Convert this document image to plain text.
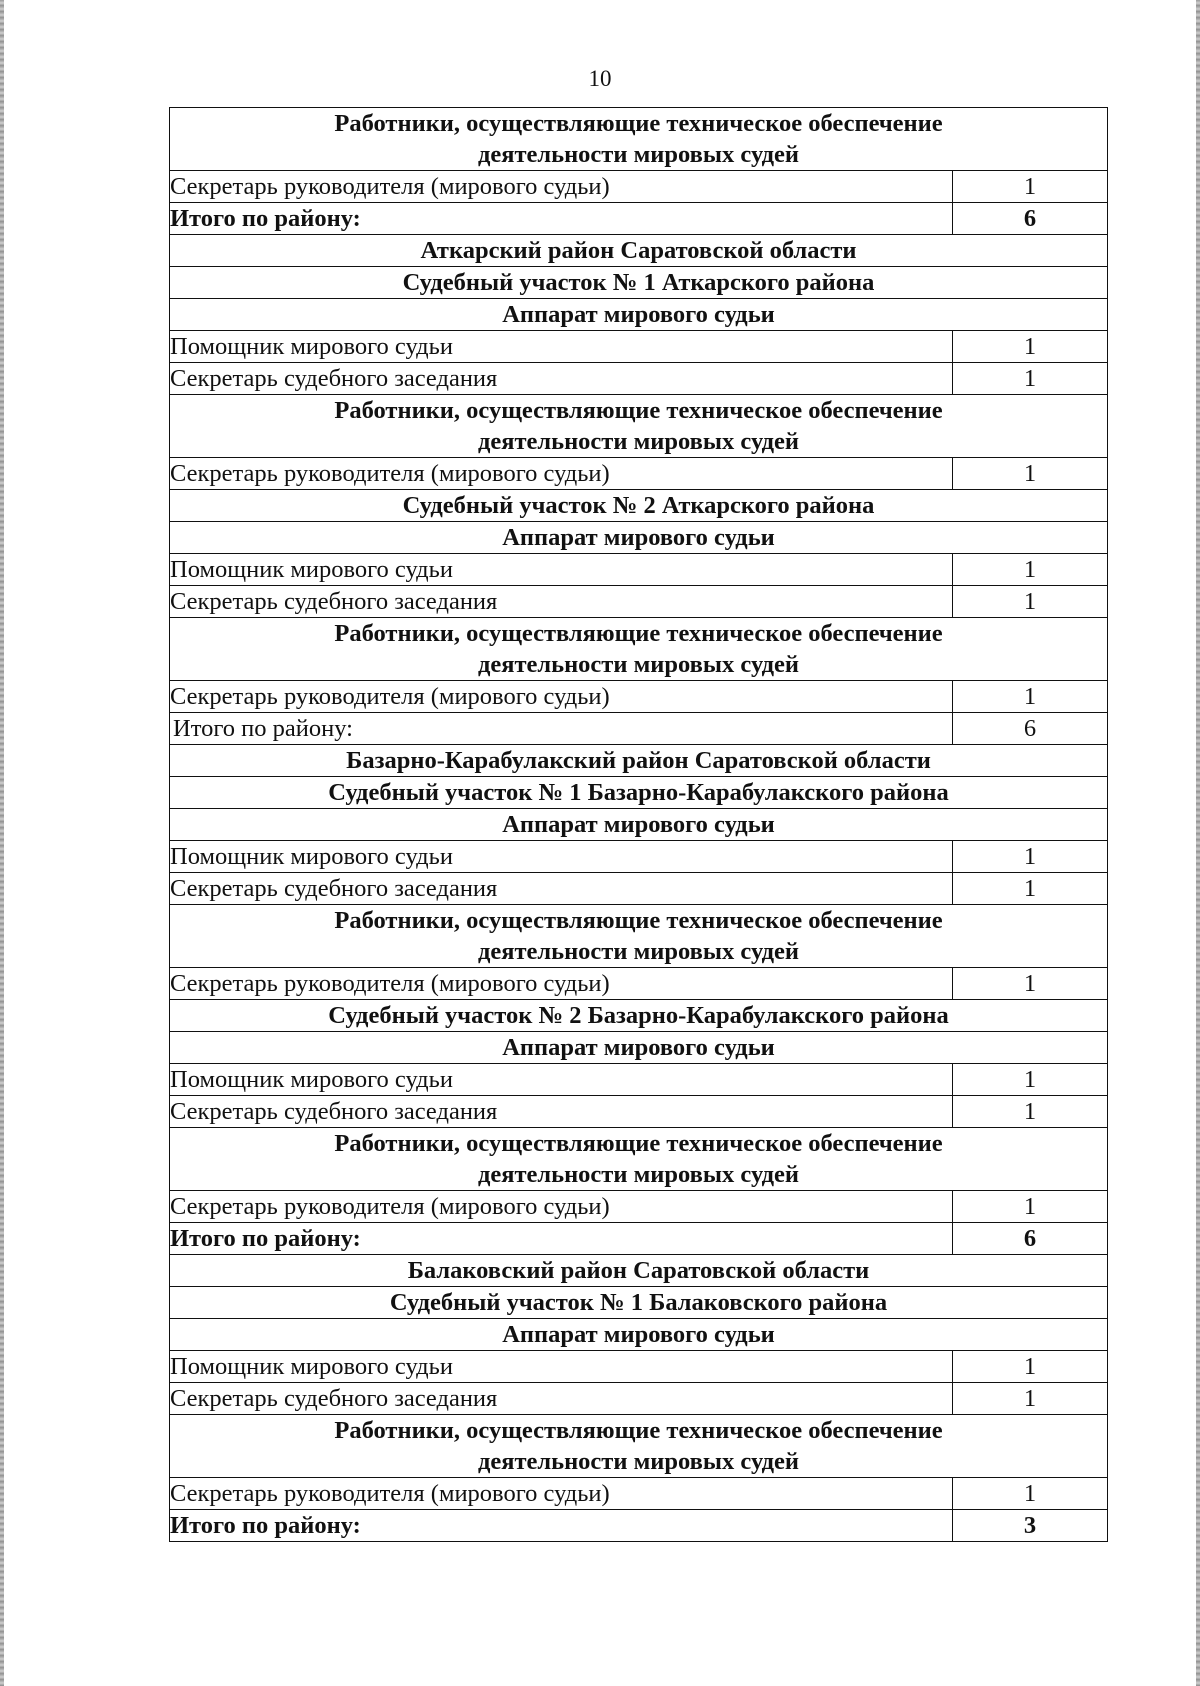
10
Работники, осуществляющие техническое обеспечение деятельности мировых судей	
Секретарь руководителя (мирового судьи)	1
Итого по району:	6
Аткарский район Саратовской области	
Судебный участок № 1 Аткарского района	
Аппарат мирового судьи	
Помощник мирового судьи	1
Секретарь судебного заседания	1
Работники, осуществляющие техническое обеспечение деятельности мировых судей	
Секретарь руководителя (мирового судьи)	1
Судебный участок № 2 Аткарского района	
Аппарат мирового судьи	
Помощник мирового судьи	1
Секретарь судебного заседания	1
Работники, осуществляющие техническое обеспечение деятельности мировых судей	
Секретарь руководителя (мирового судьи)	1
Итого по району:	6
Базарно-Карабулакский район Саратовской области	
Судебный участок № 1 Базарно-Карабулакского района	
Аппарат мирового судьи	
Помощник мирового судьи	1
Секретарь судебного заседания	1
Работники, осуществляющие техническое обеспечение деятельности мировых судей	
Секретарь руководителя (мирового судьи)	1
Судебный участок № 2 Базарно-Карабулакского района	
Аппарат мирового судьи	
Помощник мирового судьи	1
Секретарь судебного заседания	1
Работники, осуществляющие техническое обеспечение деятельности мировых судей	
Секретарь руководителя (мирового судьи)	1
Итого по району:	6
Балаковский район Саратовской области	
Судебный участок № 1 Балаковского района	
Аппарат мирового судьи	
Помощник мирового судьи	1
Секретарь судебного заседания	1
Работники, осуществляющие техническое обеспечение деятельности мировых судей	
Секретарь руководителя (мирового судьи)	1
Итого по району:	3
